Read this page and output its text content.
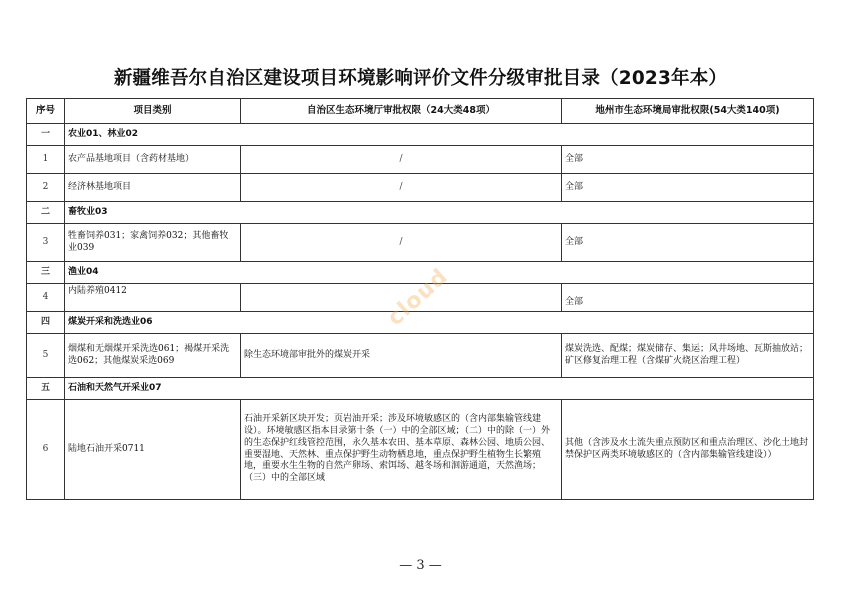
新疆维吾尔自治区建设项目环境影响评价文件分级审批目录（2023年本）
序号	项目类别	自治区生态环境厅审批权限（24大类48项）	地州市生态环境局审批权限(54大类140项)
一	农业01、林业02		
1	农产品基地项目（含药材基地）	/	全部
2	经济林基地项目	/	全部
二	畜牧业03		
3	牲畜饲养031；家禽饲养032；其他畜牧业039	/	全部
三	渔业04		
4	内陆养殖0412		全部
四	煤炭开采和洗选业06		
5	烟煤和无烟煤开采洗选061；褐煤开采洗选062；其他煤炭采选069	除生态环境部审批外的煤炭开采	煤炭洗选、配煤；煤炭储存、集运；风井场地、瓦斯抽放站；矿区修复治理工程（含煤矿火烧区治理工程）
五	石油和天然气开采业07		
6	陆地石油开采0711	石油开采新区块开发；页岩油开采；涉及环境敏感区的（含内部集输管线建设）。环境敏感区指本目录第十条（一）中的全部区域；（二）中的除（一）外的生态保护红线管控范围，永久基本农田、基本草原、森林公园、地质公园、重要湿地、天然林、重点保护野生动物栖息地，重点保护野生植物生长繁殖地，重要水生生物的自然产卵场、索饵场、越冬场和洄游通道，天然渔场；（三）中的全部区域	其他（含涉及水土流失重点预防区和重点治理区、沙化土地封禁保护区两类环境敏感区的（含内部集输管线建设））
cloud
— 3 —
